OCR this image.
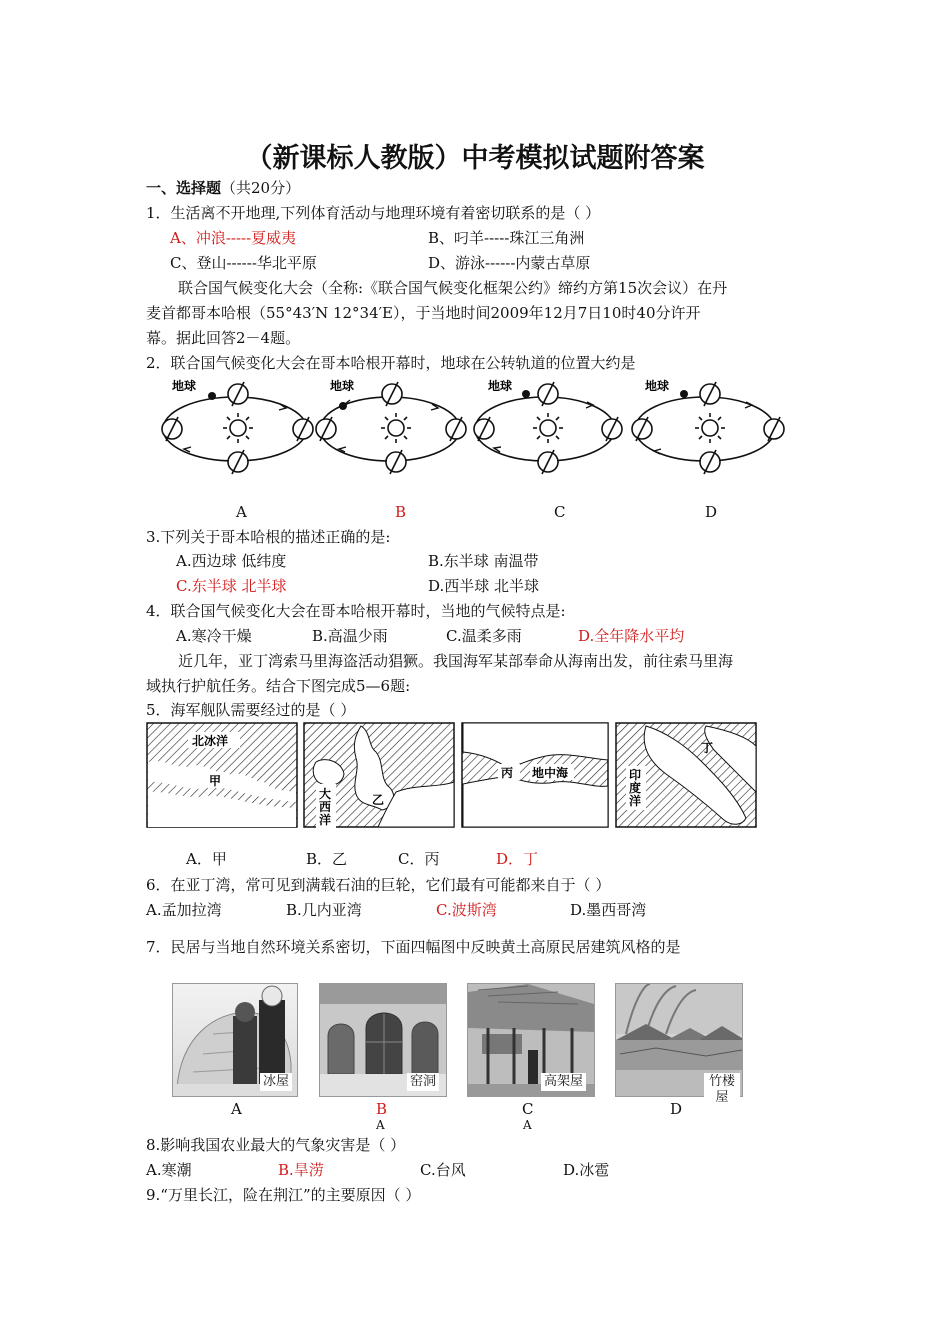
（新课标人教版）中考模拟试题附答案
一、选择题（共20分）
1．生活离不开地理,下列体育活动与地理环境有着密切联系的是（ ）
A、冲浪-----夏威夷	B、叼羊-----珠江三角洲
C、登山------华北平原	D、游泳------内蒙古草原
联合国气候变化大会（全称:《联合国气候变化框架公约》缔约方第15次会议）在丹
麦首都哥本哈根（55°43′N 12°34′E），于当地时间2009年12月7日10时40分许开
幕。据此回答2－4题。
2．联合国气候变化大会在哥本哈根开幕时，地球在公转轨道的位置大约是
地球	地球	地球	地球
A	B	C	D
3.下列关于哥本哈根的描述正确的是:
A.西边球 低纬度	B.东半球 南温带
C.东半球 北半球	D.西半球 北半球
4．联合国气候变化大会在哥本哈根开幕时，当地的气候特点是:
A.寒冷干燥	B.高温少雨	C.温柔多雨	D.全年降水平均
近几年，亚丁湾索马里海盗活动猖獗。我国海军某部奉命从海南出发，前往索马里海
域执行护航任务。结合下图完成5—6题:
5．海军舰队需要经过的是（ ）
北冰洋
甲
大
西
洋
乙
丙 地中海
丁
印
度
洋
A．甲	B．乙	C．丙	D．丁
6．在亚丁湾，常可见到满载石油的巨轮，它们最有可能都来自于（ ）
A.孟加拉湾	B.几内亚湾	C.波斯湾	D.墨西哥湾
7．民居与当地自然环境关系密切，下面四幅图中反映黄土高原民居建筑风格的是
冰屋	窑洞	高架屋	竹楼
屋
A	B	C	D
A	A
8.影响我国农业最大的气象灾害是（ ）
A.寒潮	B.旱涝	C.台风	D.冰雹
9.“万里长江，险在荆江”的主要原因（ ）
